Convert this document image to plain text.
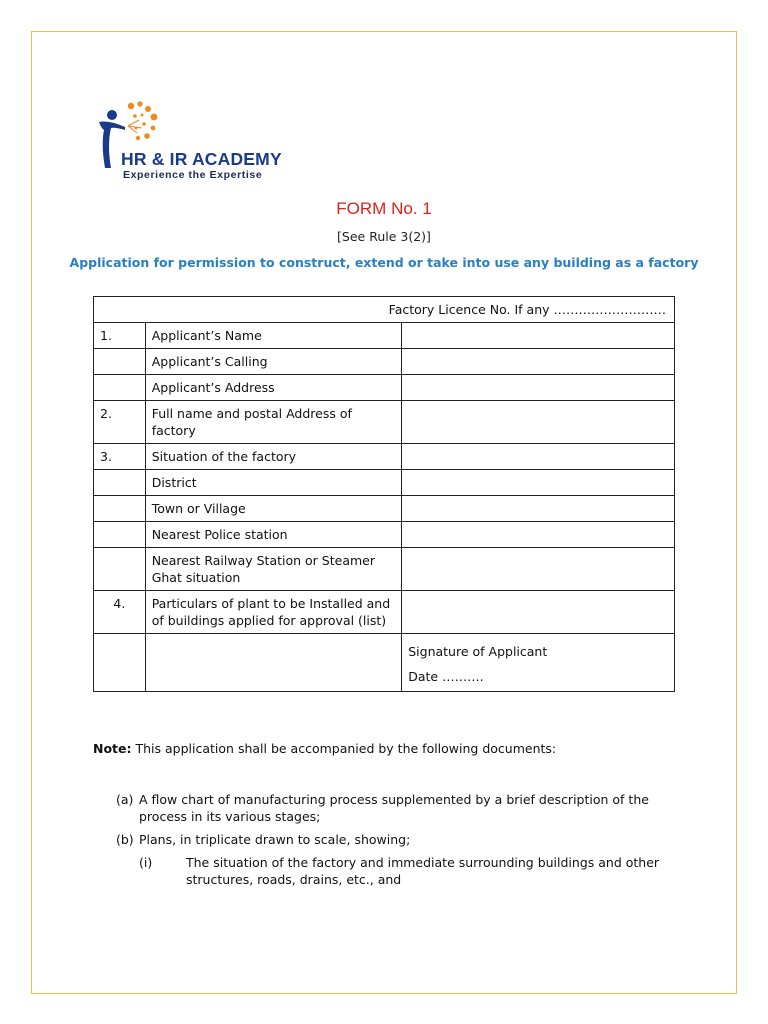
HR & IR ACADEMY
Experience the Expertise
FORM No. 1
[See Rule 3(2)]
Application for permission to construct, extend or take into use any building as a factory
Factory Licence No. If any ………………………		
1.	Applicant’s Name	
	Applicant’s Calling	
	Applicant’s Address	
2.	Full name and postal Address of factory	
3.	Situation of the factory	
	District	
	Town or Village	
	Nearest Police station	
	Nearest Railway Station or Steamer Ghat situation	
4.	Particulars of plant to be Installed and of buildings applied for approval (list)	

		Signature of Applicant
Date ……….
Note: This application shall be accompanied by the following documents:
(a) A flow chart of manufacturing process supplemented by a brief description of the process in its various stages;
(b) Plans, in triplicate drawn to scale, showing;
(i)	The situation of the factory and immediate surrounding buildings and other structures, roads, drains, etc., and
